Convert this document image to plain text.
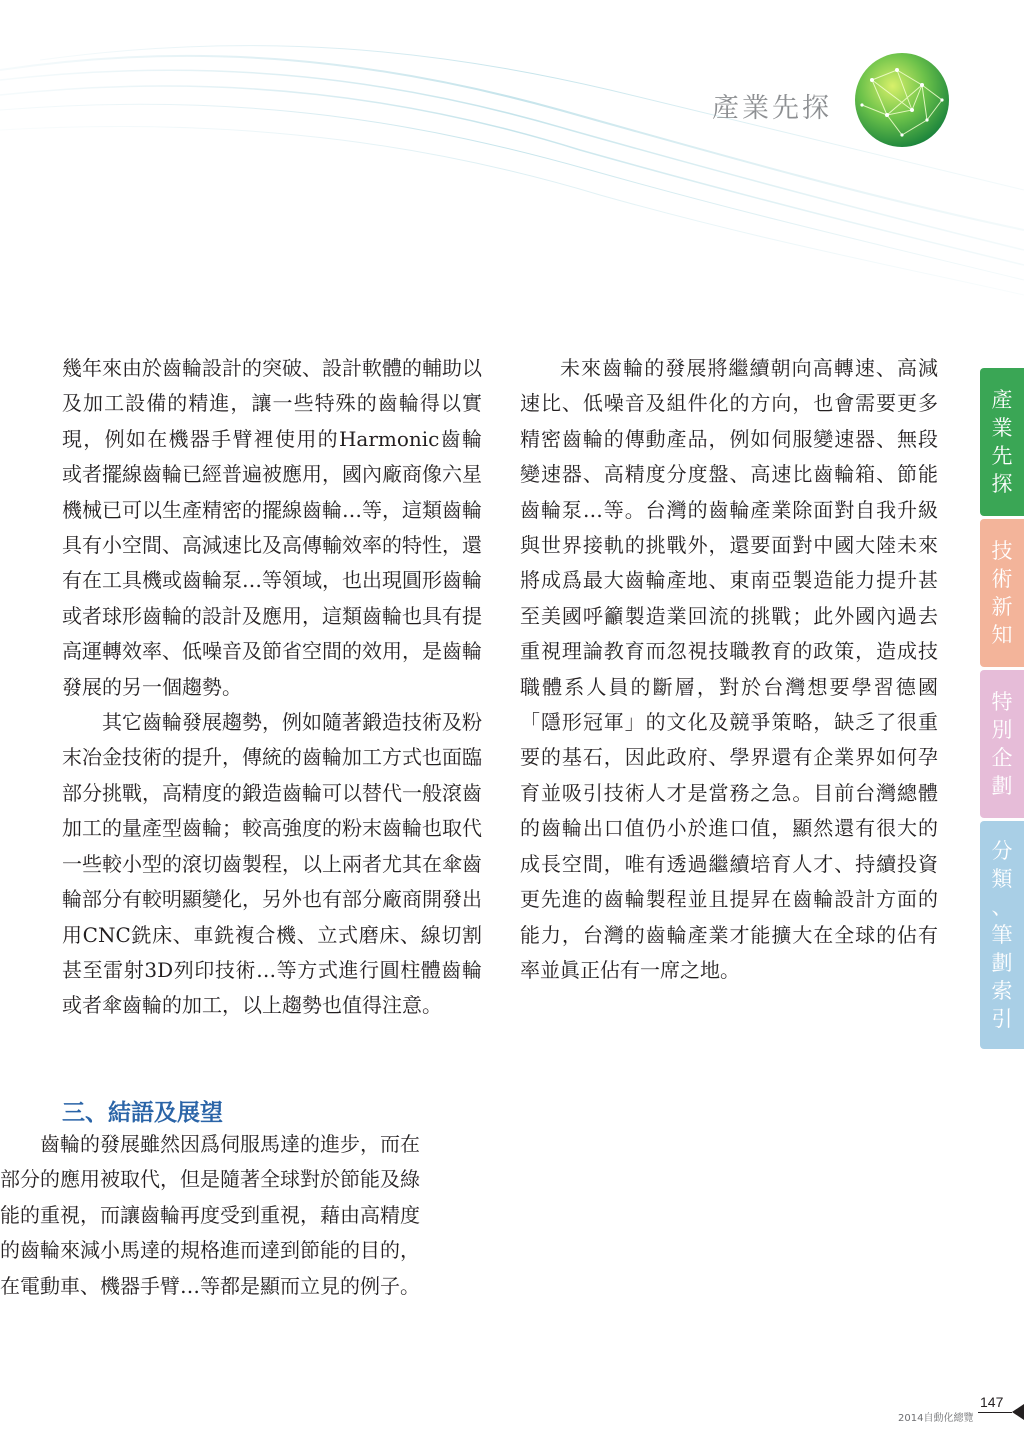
產業先探

幾年來由於齒輪設計的突破、設計軟體的輔助以及加工設備的精進，讓一些特殊的齒輪得以實現，例如在機器手臂裡使用的Harmonic齒輪或者擺線齒輪已經普遍被應用，國內廠商像六星機械已可以生產精密的擺線齒輪…等，這類齒輪具有小空間、高減速比及高傳輸效率的特性，還有在工具機或齒輪泵…等領域，也出現圓形齒輪或者球形齒輪的設計及應用，這類齒輪也具有提高運轉效率、低噪音及節省空間的效用，是齒輪發展的另一個趨勢。

其它齒輪發展趨勢，例如隨著鍛造技術及粉末冶金技術的提升，傳統的齒輪加工方式也面臨部分挑戰，高精度的鍛造齒輪可以替代一般滾齒加工的量產型齒輪；較高強度的粉末齒輪也取代一些較小型的滾切齒製程，以上兩者尤其在傘齒輪部分有較明顯變化，另外也有部分廠商開發出用CNC銑床、車銑複合機、立式磨床、線切割甚至雷射3D列印技術…等方式進行圓柱體齒輪或者傘齒輪的加工，以上趨勢也值得注意。

三、結語及展望

齒輪的發展雖然因爲伺服馬達的進步，而在部分的應用被取代，但是隨著全球對於節能及綠能的重視，而讓齒輪再度受到重視，藉由高精度的齒輪來減小馬達的規格進而達到節能的目的，在電動車、機器手臂…等都是顯而立見的例子。

未來齒輪的發展將繼續朝向高轉速、高減速比、低噪音及組件化的方向，也會需要更多精密齒輪的傳動產品，例如伺服變速器、無段變速器、高精度分度盤、高速比齒輪箱、節能齒輪泵…等。台灣的齒輪產業除面對自我升級與世界接軌的挑戰外，還要面對中國大陸未來將成爲最大齒輪產地、東南亞製造能力提升甚至美國呼籲製造業回流的挑戰；此外國內過去重視理論教育而忽視技職教育的政策，造成技職體系人員的斷層，對於台灣想要學習德國「隱形冠軍」的文化及競爭策略，缺乏了很重要的基石，因此政府、學界還有企業界如何孕育並吸引技術人才是當務之急。目前台灣總體的齒輪出口值仍小於進口值，顯然還有很大的成長空間，唯有透過繼續培育人才、持續投資更先進的齒輪製程並且提昇在齒輪設計方面的能力，台灣的齒輪產業才能擴大在全球的佔有率並眞正佔有一席之地。

產
業
先
探
技
術
新
知
特
別
企
劃
分
類
、
筆
劃
索
引
2014自動化總覽
147
